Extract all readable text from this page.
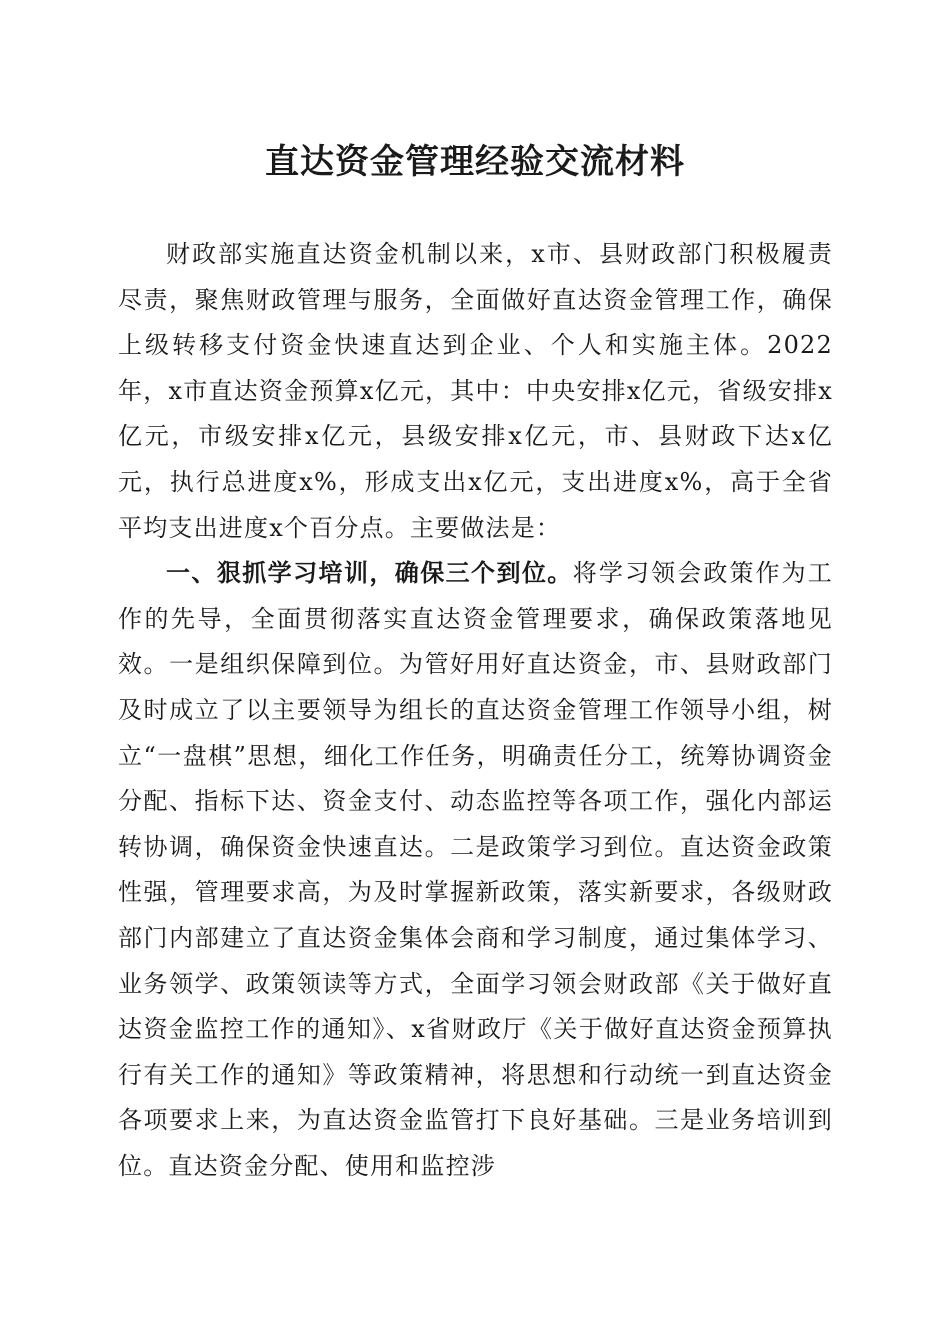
直达资金管理经验交流材料

财政部实施直达资金机制以来，x市、县财政部门积极履责尽责，聚焦财政管理与服务，全面做好直达资金管理工作，确保上级转移支付资金快速直达到企业、个人和实施主体。2022年，x市直达资金预算x亿元，其中：中央安排x亿元，省级安排x亿元，市级安排x亿元，县级安排x亿元，市、县财政下达x亿元，执行总进度x%，形成支出x亿元，支出进度x%，高于全省平均支出进度x个百分点。主要做法是：

一、狠抓学习培训，确保三个到位。将学习领会政策作为工作的先导，全面贯彻落实直达资金管理要求，确保政策落地见效。一是组织保障到位。为管好用好直达资金，市、县财政部门及时成立了以主要领导为组长的直达资金管理工作领导小组，树立“一盘棋”思想，细化工作任务，明确责任分工，统筹协调资金分配、指标下达、资金支付、动态监控等各项工作，强化内部运转协调，确保资金快速直达。二是政策学习到位。直达资金政策性强，管理要求高，为及时掌握新政策，落实新要求，各级财政部门内部建立了直达资金集体会商和学习制度，通过集体学习、业务领学、政策领读等方式，全面学习领会财政部《关于做好直达资金监控工作的通知》、x省财政厅《关于做好直达资金预算执行有关工作的通知》等政策精神，将思想和行动统一到直达资金各项要求上来，为直达资金监管打下良好基础。三是业务培训到位。直达资金分配、使用和监控涉
